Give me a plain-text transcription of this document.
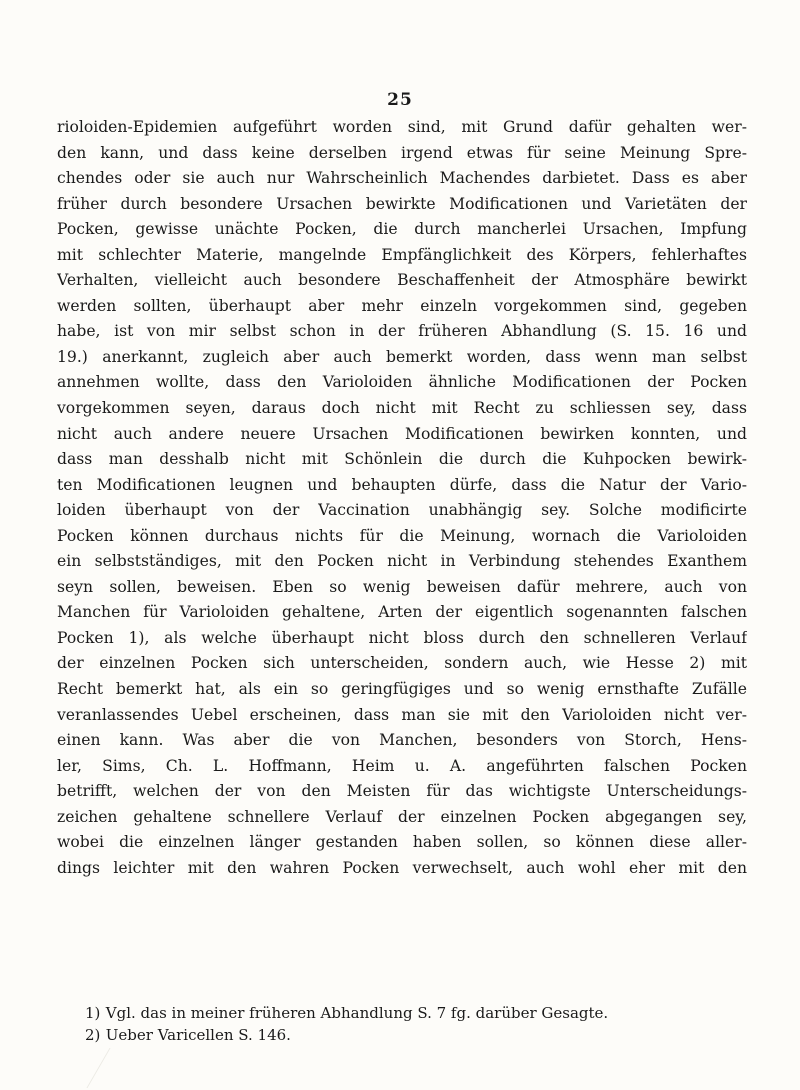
25
rioloiden-Epidemien aufgeführt worden sind, mit Grund dafür gehalten wer-
den kann, und dass keine derselben irgend etwas für seine Meinung Spre-
chendes oder sie auch nur Wahrscheinlich Machendes darbietet. Dass es aber
früher durch besondere Ursachen bewirkte Modificationen und Varietäten der
Pocken, gewisse unächte Pocken, die durch mancherlei Ursachen, Impfung
mit schlechter Materie, mangelnde Empfänglichkeit des Körpers, fehlerhaftes
Verhalten, vielleicht auch besondere Beschaffenheit der Atmosphäre bewirkt
werden sollten, überhaupt aber mehr einzeln vorgekommen sind, gegeben
habe, ist von mir selbst schon in der früheren Abhandlung (S. 15. 16 und
19.) anerkannt, zugleich aber auch bemerkt worden, dass wenn man selbst
annehmen wollte, dass den Varioloiden ähnliche Modificationen der Pocken
vorgekommen seyen, daraus doch nicht mit Recht zu schliessen sey, dass
nicht auch andere neuere Ursachen Modificationen bewirken konnten, und
dass man desshalb nicht mit Schönlein die durch die Kuhpocken bewirk-
ten Modificationen leugnen und behaupten dürfe, dass die Natur der Vario-
loiden überhaupt von der Vaccination unabhängig sey. Solche modificirte
Pocken können durchaus nichts für die Meinung, wornach die Varioloiden
ein selbstständiges, mit den Pocken nicht in Verbindung stehendes Exanthem
seyn sollen, beweisen. Eben so wenig beweisen dafür mehrere, auch von
Manchen für Varioloiden gehaltene, Arten der eigentlich sogenannten falschen
Pocken 1), als welche überhaupt nicht bloss durch den schnelleren Verlauf
der einzelnen Pocken sich unterscheiden, sondern auch, wie Hesse 2) mit
Recht bemerkt hat, als ein so geringfügiges und so wenig ernsthafte Zufälle
veranlassendes Uebel erscheinen, dass man sie mit den Varioloiden nicht ver-
einen kann. Was aber die von Manchen, besonders von Storch, Hens-
ler, Sims, Ch. L. Hoffmann, Heim u. A. angeführten falschen Pocken
betrifft, welchen der von den Meisten für das wichtigste Unterscheidungs-
zeichen gehaltene schnellere Verlauf der einzelnen Pocken abgegangen sey,
wobei die einzelnen länger gestanden haben sollen, so können diese aller-
dings leichter mit den wahren Pocken verwechselt, auch wohl eher mit den
1) Vgl. das in meiner früheren Abhandlung S. 7 fg. darüber Gesagte.
2) Ueber Varicellen S. 146.
